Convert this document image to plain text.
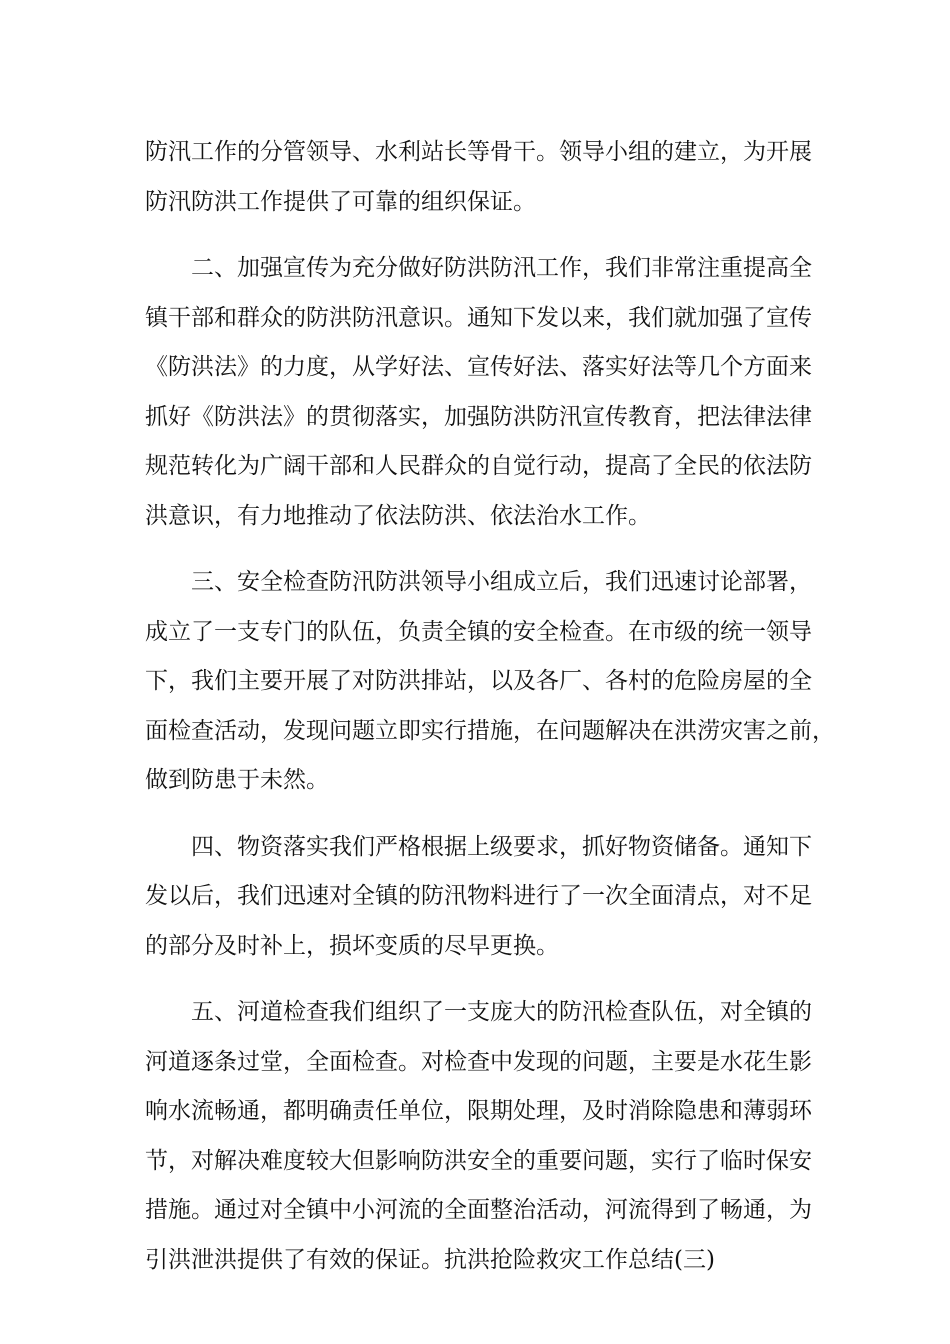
防汛工作的分管领导、水利站长等骨干。领导小组的建立，为开展
防汛防洪工作提供了可靠的组织保证。
二、加强宣传为充分做好防洪防汛工作，我们非常注重提高全
镇干部和群众的防洪防汛意识。通知下发以来，我们就加强了宣传
《防洪法》的力度，从学好法、宣传好法、落实好法等几个方面来
抓好《防洪法》的贯彻落实，加强防洪防汛宣传教育，把法律法律
规范转化为广阔干部和人民群众的自觉行动，提高了全民的依法防
洪意识，有力地推动了依法防洪、依法治水工作。
三、安全检查防汛防洪领导小组成立后，我们迅速讨论部署，
成立了一支专门的队伍，负责全镇的安全检查。在市级的统一领导
下，我们主要开展了对防洪排站，以及各厂、各村的危险房屋的全
面检查活动，发现问题立即实行措施，在问题解决在洪涝灾害之前，
做到防患于未然。
四、物资落实我们严格根据上级要求，抓好物资储备。通知下
发以后，我们迅速对全镇的防汛物料进行了一次全面清点，对不足
的部分及时补上，损坏变质的尽早更换。
五、河道检查我们组织了一支庞大的防汛检查队伍，对全镇的
河道逐条过堂，全面检查。对检查中发现的问题，主要是水花生影
响水流畅通，都明确责任单位，限期处理，及时消除隐患和薄弱环
节，对解决难度较大但影响防洪安全的重要问题，实行了临时保安
措施。通过对全镇中小河流的全面整治活动，河流得到了畅通，为
引洪泄洪提供了有效的保证。抗洪抢险救灾工作总结(三)
